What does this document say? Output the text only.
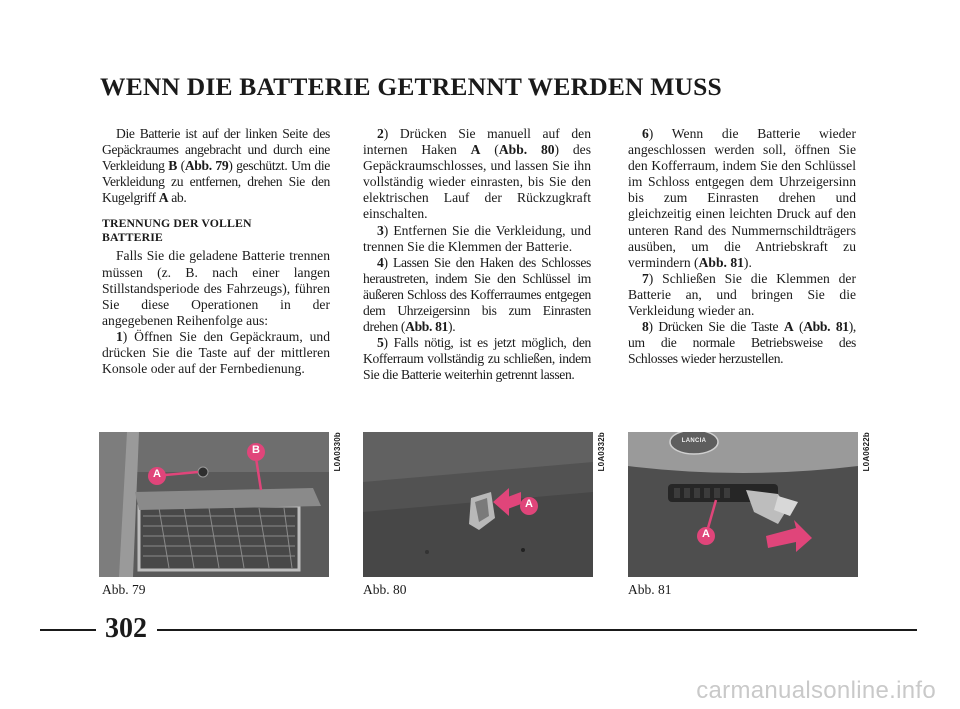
WENN DIE BATTERIE GETRENNT WERDEN MUSS

Die Batterie ist auf der linken Seite des Gepäckraumes angebracht und durch eine Verkleidung B (Abb. 79) geschützt. Um die Verkleidung zu entfernen, drehen Sie den Kugelgriff A ab.

TRENNUNG DER VOLLEN BATTERIE

Falls Sie die geladene Batterie trennen müssen (z. B. nach einer langen Stillstandsperiode des Fahrzeugs), führen Sie diese Operationen in der angegebenen Reihenfolge aus:

1) Öffnen Sie den Gepäckraum, und drücken Sie die Taste auf der mittleren Konsole oder auf der Fernbedienung.

2) Drücken Sie manuell auf den internen Haken A (Abb. 80) des Gepäckraumschlosses, und lassen Sie ihn vollständig wieder einrasten, bis Sie den elektrischen Lauf der Rückzugkraft einschalten.

3) Entfernen Sie die Verkleidung, und trennen Sie die Klemmen der Batterie.

4) Lassen Sie den Haken des Schlosses heraustreten, indem Sie den Schlüssel im äußeren Schloss des Kofferraumes entgegen dem Uhrzeigersinn bis zum Einrasten drehen (Abb. 81).

5) Falls nötig, ist es jetzt möglich, den Kofferraum vollständig zu schließen, indem Sie die Batterie weiterhin getrennt lassen.

6) Wenn die Batterie wieder angeschlossen werden soll, öffnen Sie den Kofferraum, indem Sie den Schlüssel im Schloss entgegen dem Uhrzeigersinn bis zum Einrasten drehen und gleichzeitig einen leichten Druck auf den unteren Rand des Nummernschildträgers ausüben, um die Antriebskraft zu vermindern (Abb. 81).

7) Schließen Sie die Klemmen der Batterie an, und bringen Sie die Verkleidung wieder an.

8) Drücken Sie die Taste A (Abb. 81), um die normale Betriebsweise des Schlosses wieder herzustellen.

A
B	L0A0330b
Abb. 79
A
L0A0332b
Abb. 80
LANCIA
A
L0A0622b
Abb. 81
302
carmanualsonline.info
